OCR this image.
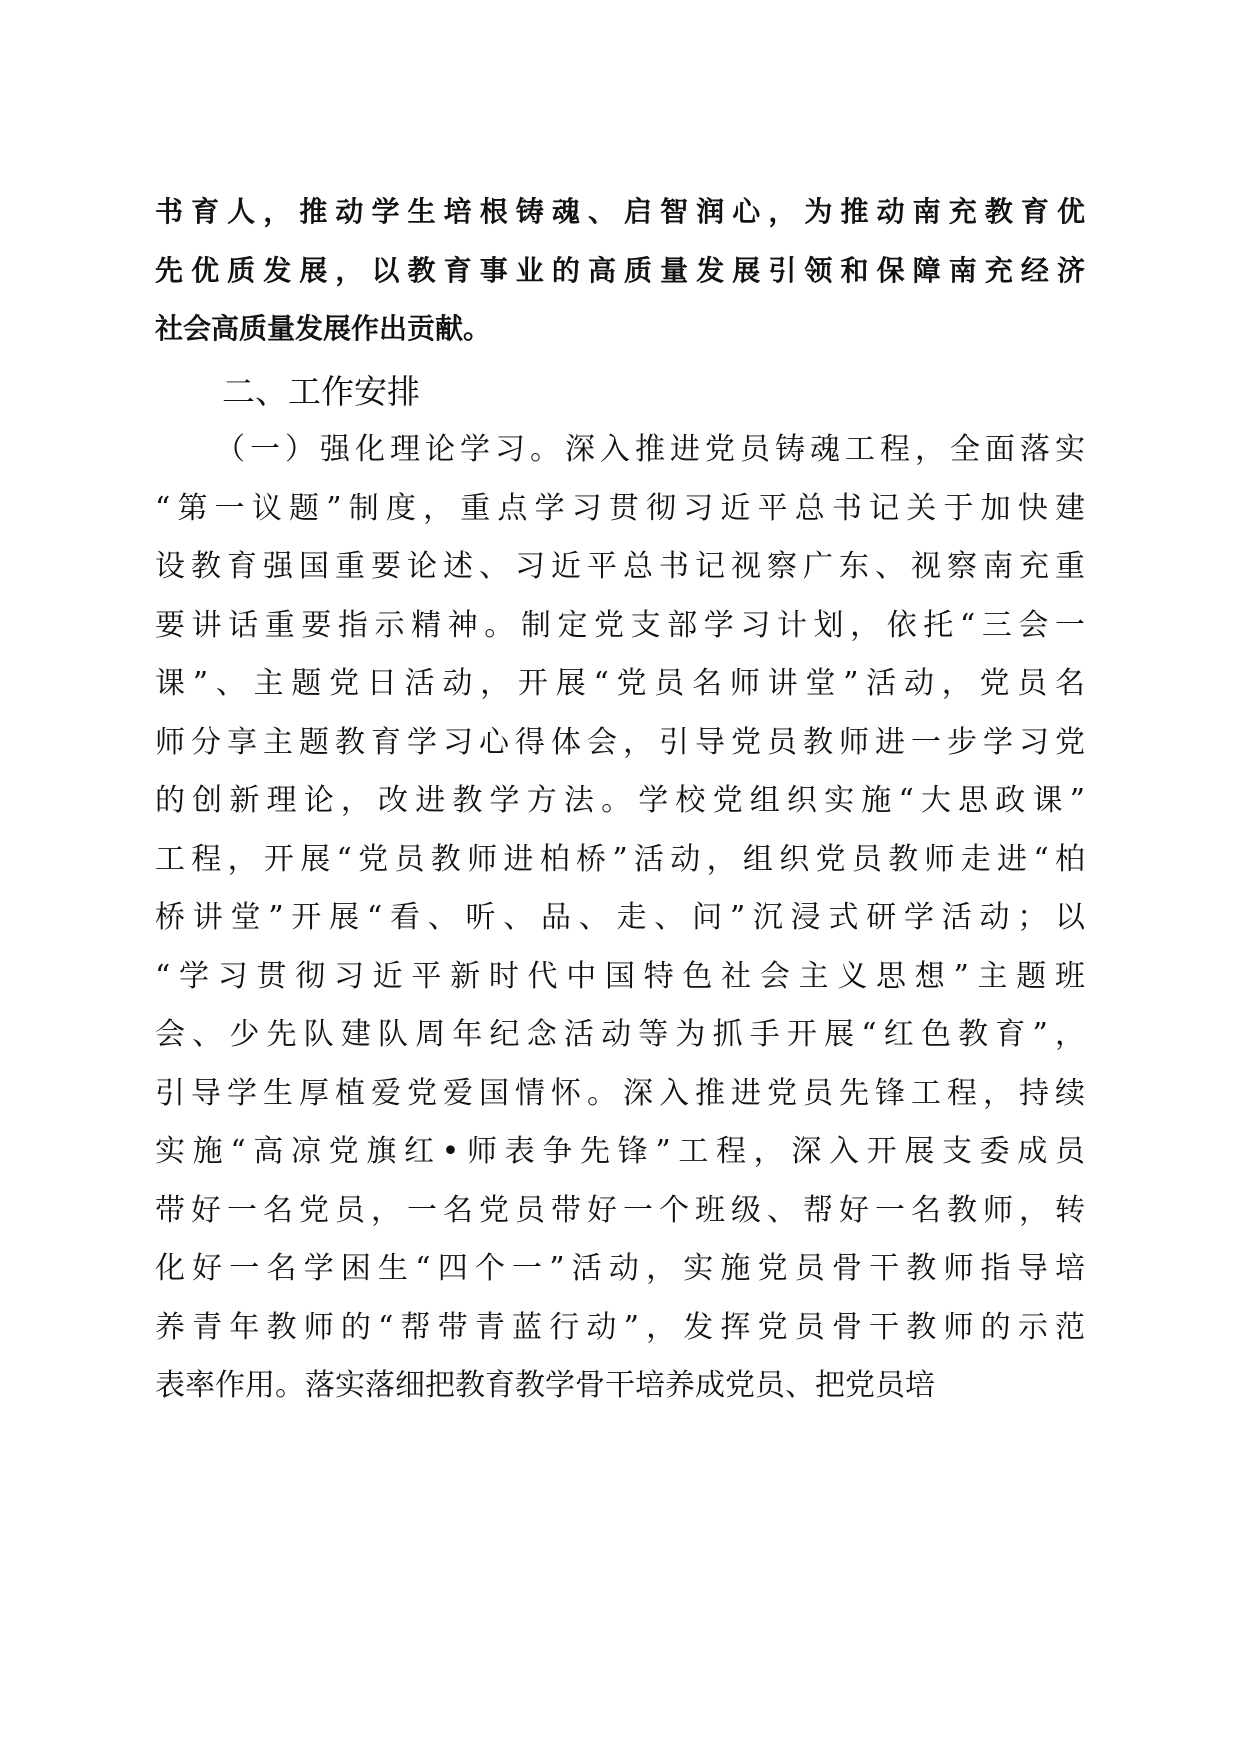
书育人，推动学生培根铸魂、启智润心，为推动南充教育优
先优质发展，以教育事业的高质量发展引领和保障南充经济
社会高质量发展作出贡献。
二、工作安排
（一）强化理论学习。深入推进党员铸魂工程，全面落实
“第一议题”制度，重点学习贯彻习近平总书记关于加快建
设教育强国重要论述、习近平总书记视察广东、视察南充重
要讲话重要指示精神。制定党支部学习计划，依托“三会一
课”、主题党日活动，开展“党员名师讲堂”活动，党员名
师分享主题教育学习心得体会，引导党员教师进一步学习党
的创新理论，改进教学方法。学校党组织实施“大思政课”
工程，开展“党员教师进柏桥”活动，组织党员教师走进“柏
桥讲堂”开展“看、听、品、走、问”沉浸式研学活动；以
“学习贯彻习近平新时代中国特色社会主义思想”主题班
会、少先队建队周年纪念活动等为抓手开展“红色教育”，
引导学生厚植爱党爱国情怀。深入推进党员先锋工程，持续
实施“高凉党旗红•师表争先锋”工程，深入开展支委成员
带好一名党员，一名党员带好一个班级、帮好一名教师，转
化好一名学困生“四个一”活动，实施党员骨干教师指导培
养青年教师的“帮带青蓝行动”，发挥党员骨干教师的示范
表率作用。落实落细把教育教学骨干培养成党员、把党员培
